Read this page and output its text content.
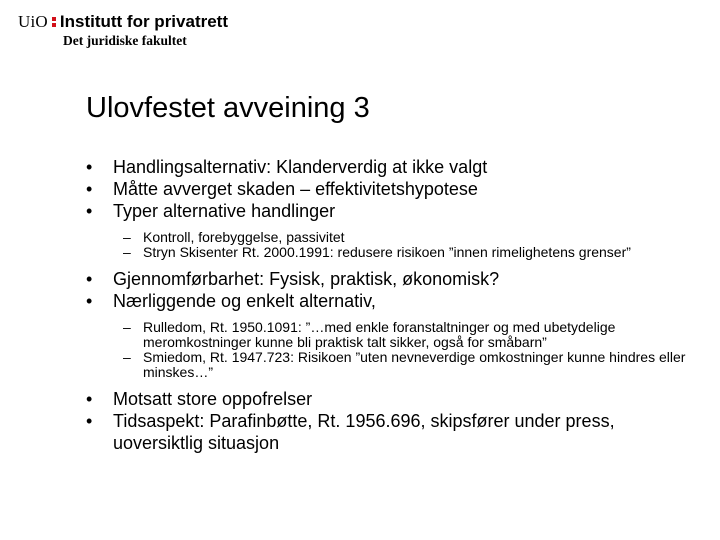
UiO Institutt for privatrett
Det juridiske fakultet
Ulovfestet avveining 3
• Handlingsalternativ: Klanderverdig at ikke valgt
• Måtte avverget skaden – effektivitetshypotese
• Typer alternative handlinger
– Kontroll, forebyggelse, passivitet
– Stryn Skisenter Rt. 2000.1991: redusere risikoen ”innen rimelighetens grenser”
• Gjennomførbarhet: Fysisk, praktisk, økonomisk?
• Nærliggende og enkelt alternativ,
– Rulledom, Rt. 1950.1091: ”…med enkle foranstaltninger og med ubetydelige meromkostninger kunne bli praktisk talt sikker, også for småbarn”
– Smiedom, Rt. 1947.723: Risikoen ”uten nevneverdige omkostninger kunne hindres eller minskes…”
• Motsatt store oppofrelser
• Tidsaspekt: Parafinbøtte, Rt. 1956.696, skipsfører under press, uoversiktlig situasjon
